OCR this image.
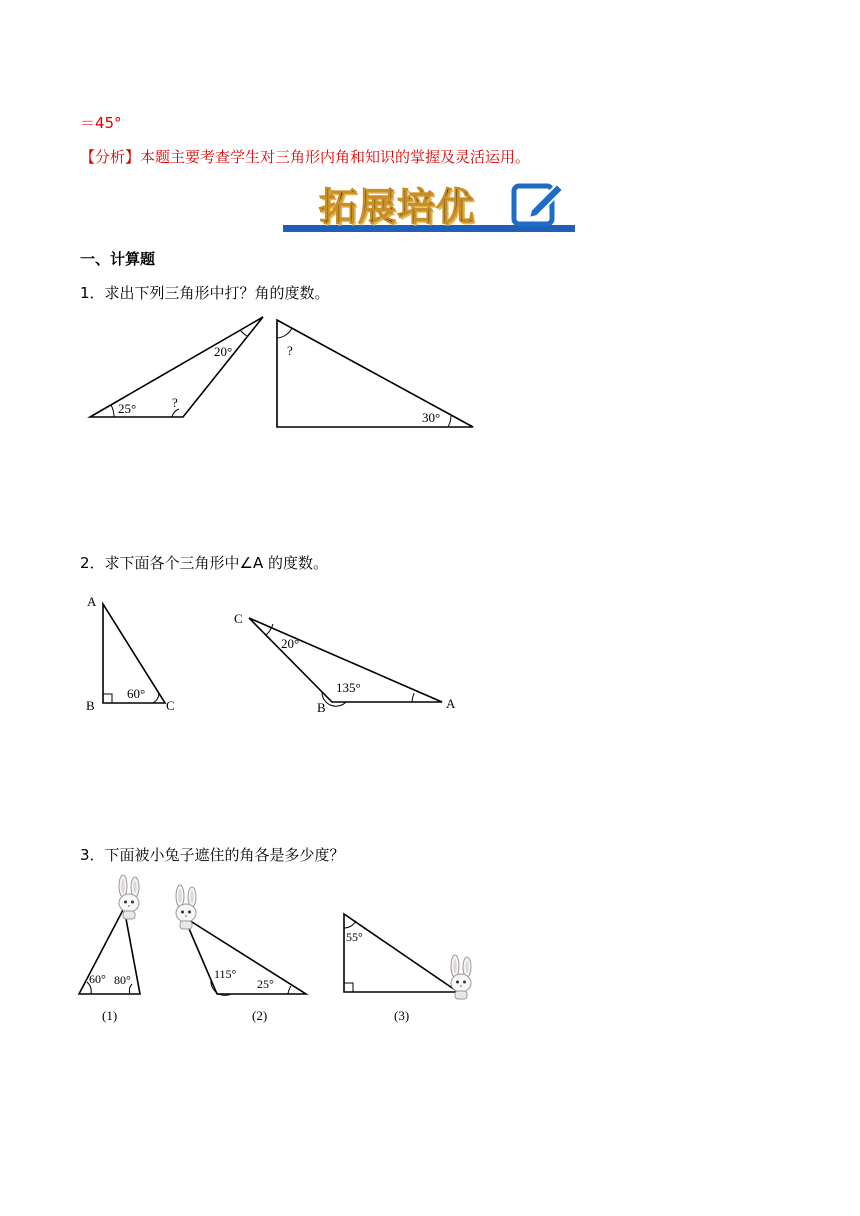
＝45°
【分析】本题主要考查学生对三角形内角和知识的掌握及灵活运用。
拓展培优
一、计算题
1．求出下列三角形中打？角的度数。
25°
20°
?
?
30°
2．求下面各个三角形中∠A 的度数。
A
B	C
60°
C
B	A
20°
135°
3．下面被小兔子遮住的角各是多少度？
60° 80°
(1)
115°
25°
(2)
55°
(3)
